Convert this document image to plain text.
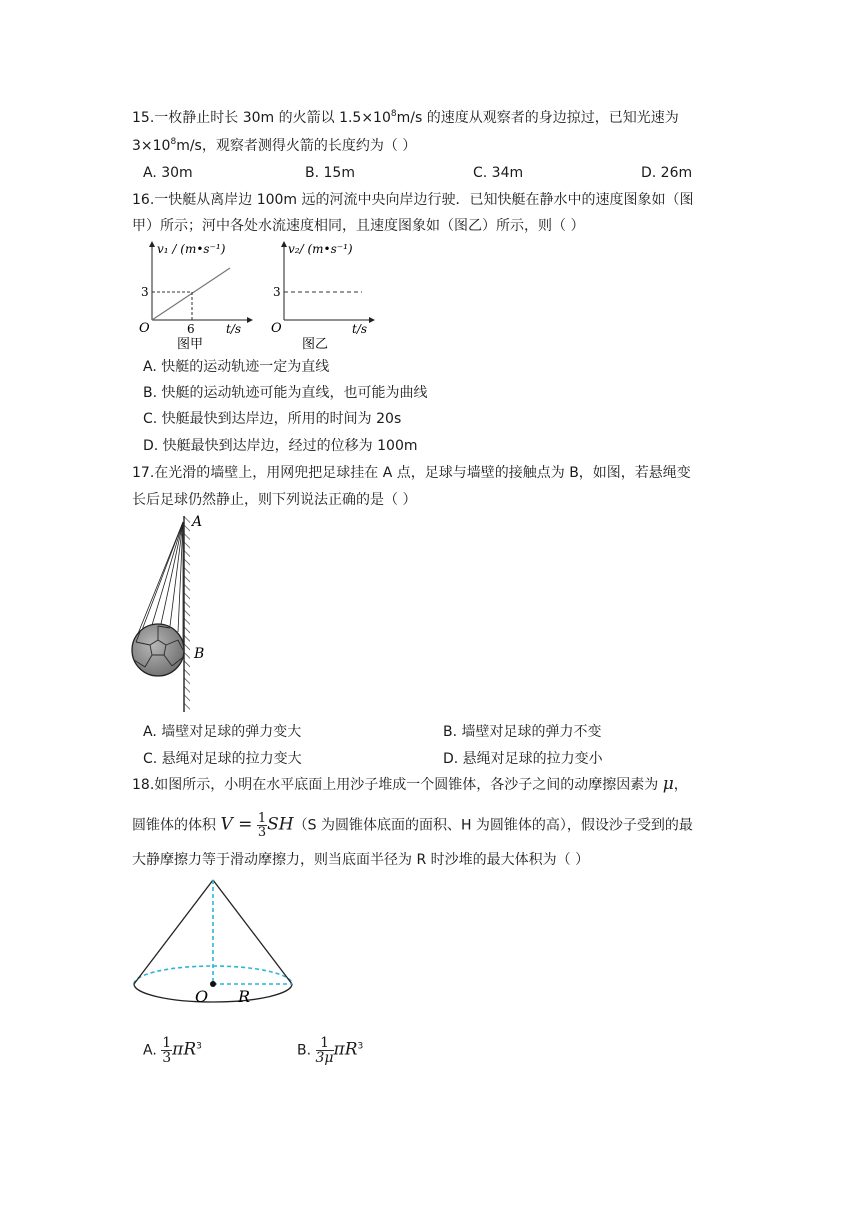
15.一枚静止时长 30m 的火箭以 $1.5\times 10^8m/s$ 的速度从观察者的身边掠过，已知光速为
$3\times 10^8m/s$，观察者测得火箭的长度约为（ ）
A. 30m	B. 15m	C. 34m	D. 26m
16.一快艇从离岸边 100m 远的河流中央向岸边行驶．已知快艇在静水中的速度图象如（图
甲）所示；河中各处水流速度相同，且速度图象如（图乙）所示，则（ ）
v₁ / (m•s⁻¹)
3
6	t/s
O
图甲
v₂/ (m•s⁻¹)
3
t/s
O
图乙
A. 快艇的运动轨迹一定为直线
B. 快艇的运动轨迹可能为直线，也可能为曲线
C. 快艇最快到达岸边，所用的时间为 20s
D. 快艇最快到达岸边，经过的位移为 100m
17.在光滑的墙壁上，用网兜把足球挂在 A 点，足球与墙壁的接触点为 B，如图，若悬绳变
长后足球仍然静止，则下列说法正确的是（ ）
A
B
A. 墙壁对足球的弹力变大	B. 墙壁对足球的弹力不变
C. 悬绳对足球的拉力变大	D. 悬绳对足球的拉力变小
18.如图所示，小明在水平底面上用沙子堆成一个圆锥体，各沙子之间的动摩擦因素为 μ，
圆锥体的体积 $V = \frac{1}{3} SH(S$ 为圆锥体底面的面积、H 为圆锥体的高），假设沙子受到的最
大静摩擦力等于滑动摩擦力，则当底面半径为 R 时沙堆的最大体积为（ ）
O R
A. $\frac{1}{3} \pi R^3$	B. $\frac{1}{3\mu} \pi R^3$
